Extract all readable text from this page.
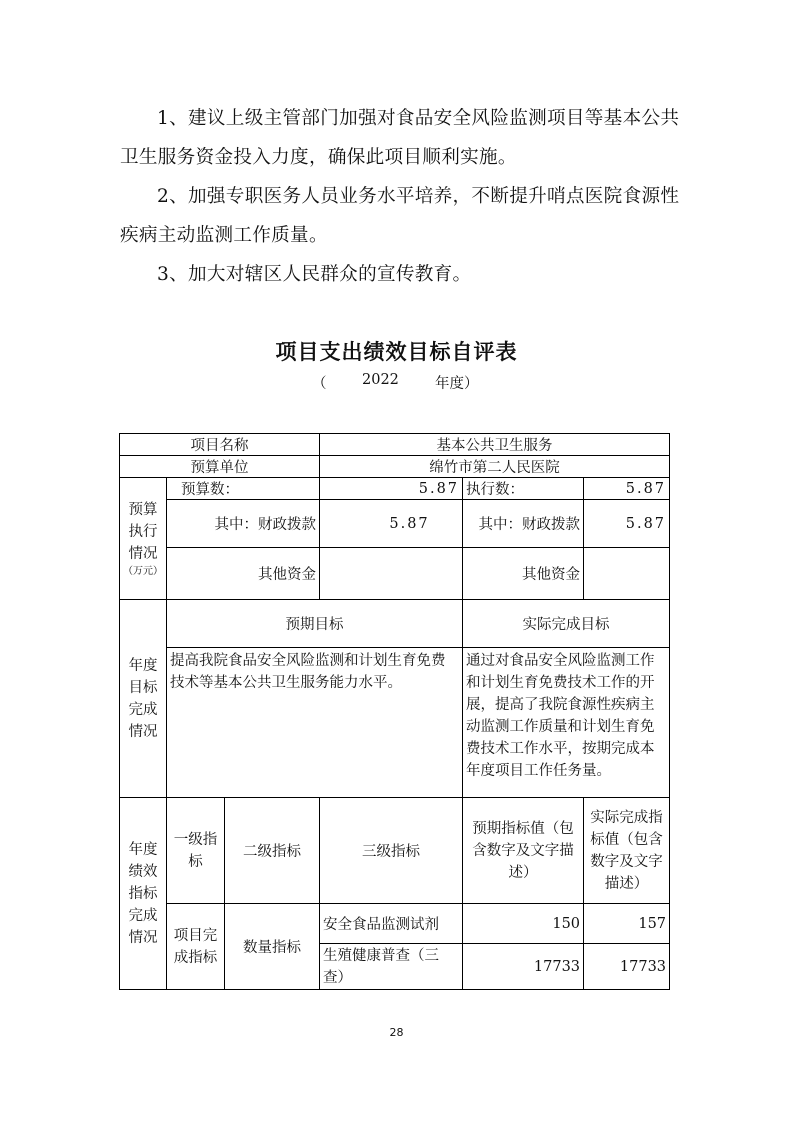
1、建议上级主管部门加强对食品安全风险监测项目等基本公共
卫生服务资金投入力度，确保此项目顺利实施。

2、加强专职医务人员业务水平培养，不断提升哨点医院食源性
疾病主动监测工作质量。

3、加大对辖区人民群众的宣传教育。

项目支出绩效目标自评表
（ 2022 年度）
项目名称			基本公共卫生服务		
预算单位			绵竹市第二人民医院		
预算执行情况
（万元）	预算数：		5.87	执行数：	5.87
	其中：财政拨款		5.87	其中：财政拨款	5.87
	其他资金			其他资金	
年度目标完成情况	预期目标			实际完成目标	
	提高我院食品安全风险监测和计划生育免费技术等基本公共卫生服务能力水平。			通过对食品安全风险监测工作和计划生育免费技术工作的开展，提高了我院食源性疾病主动监测工作质量和计划生育免费技术工作水平，按期完成本年度项目工作任务量。	
年度绩效指标完成情况	一级指标	二级指标	三级指标	预期指标值（包含数字及文字描述）	实际完成指标值（包含数字及文字描述）
	项目完成指标	数量指标	安全食品监测试剂	150	157
			生殖健康普查（三查）	17733	17733
28
